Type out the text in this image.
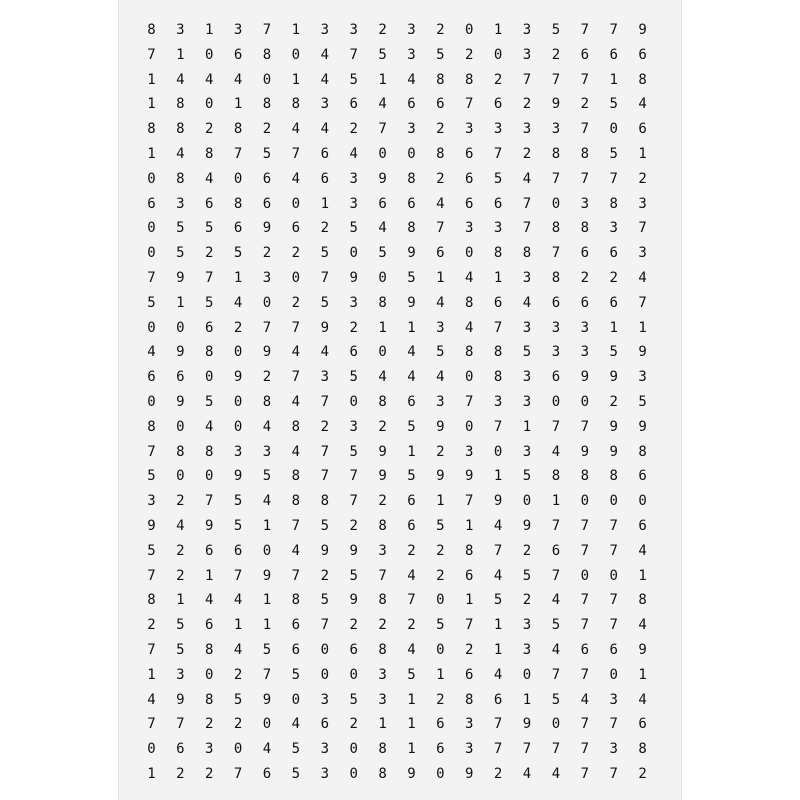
8	3	1	3	7	1	3	3	2	3	2	0	1	3	5	7	7	9
7	1	0	6	8	0	4	7	5	3	5	2	0	3	2	6	6	6
1	4	4	4	0	1	4	5	1	4	8	8	2	7	7	7	1	8
1	8	0	1	8	8	3	6	4	6	6	7	6	2	9	2	5	4
8	8	2	8	2	4	4	2	7	3	2	3	3	3	3	7	0	6
1	4	8	7	5	7	6	4	0	0	8	6	7	2	8	8	5	1
0	8	4	0	6	4	6	3	9	8	2	6	5	4	7	7	7	2
6	3	6	8	6	0	1	3	6	6	4	6	6	7	0	3	8	3
0	5	5	6	9	6	2	5	4	8	7	3	3	7	8	8	3	7
0	5	2	5	2	2	5	0	5	9	6	0	8	8	7	6	6	3
7	9	7	1	3	0	7	9	0	5	1	4	1	3	8	2	2	4
5	1	5	4	0	2	5	3	8	9	4	8	6	4	6	6	6	7
0	0	6	2	7	7	9	2	1	1	3	4	7	3	3	3	1	1
4	9	8	0	9	4	4	6	0	4	5	8	8	5	3	3	5	9
6	6	0	9	2	7	3	5	4	4	4	0	8	3	6	9	9	3
0	9	5	0	8	4	7	0	8	6	3	7	3	3	0	0	2	5
8	0	4	0	4	8	2	3	2	5	9	0	7	1	7	7	9	9
7	8	8	3	3	4	7	5	9	1	2	3	0	3	4	9	9	8
5	0	0	9	5	8	7	7	9	5	9	9	1	5	8	8	8	6
3	2	7	5	4	8	8	7	2	6	1	7	9	0	1	0	0	0
9	4	9	5	1	7	5	2	8	6	5	1	4	9	7	7	7	6
5	2	6	6	0	4	9	9	3	2	2	8	7	2	6	7	7	4
7	2	1	7	9	7	2	5	7	4	2	6	4	5	7	0	0	1
8	1	4	4	1	8	5	9	8	7	0	1	5	2	4	7	7	8
2	5	6	1	1	6	7	2	2	2	5	7	1	3	5	7	7	4
7	5	8	4	5	6	0	6	8	4	0	2	1	3	4	6	6	9
1	3	0	2	7	5	0	0	3	5	1	6	4	0	7	7	0	1
4	9	8	5	9	0	3	5	3	1	2	8	6	1	5	4	3	4
7	7	2	2	0	4	6	2	1	1	6	3	7	9	0	7	7	6
0	6	3	0	4	5	3	0	8	1	6	3	7	7	7	7	3	8
1	2	2	7	6	5	3	0	8	9	0	9	2	4	4	7	7	2
